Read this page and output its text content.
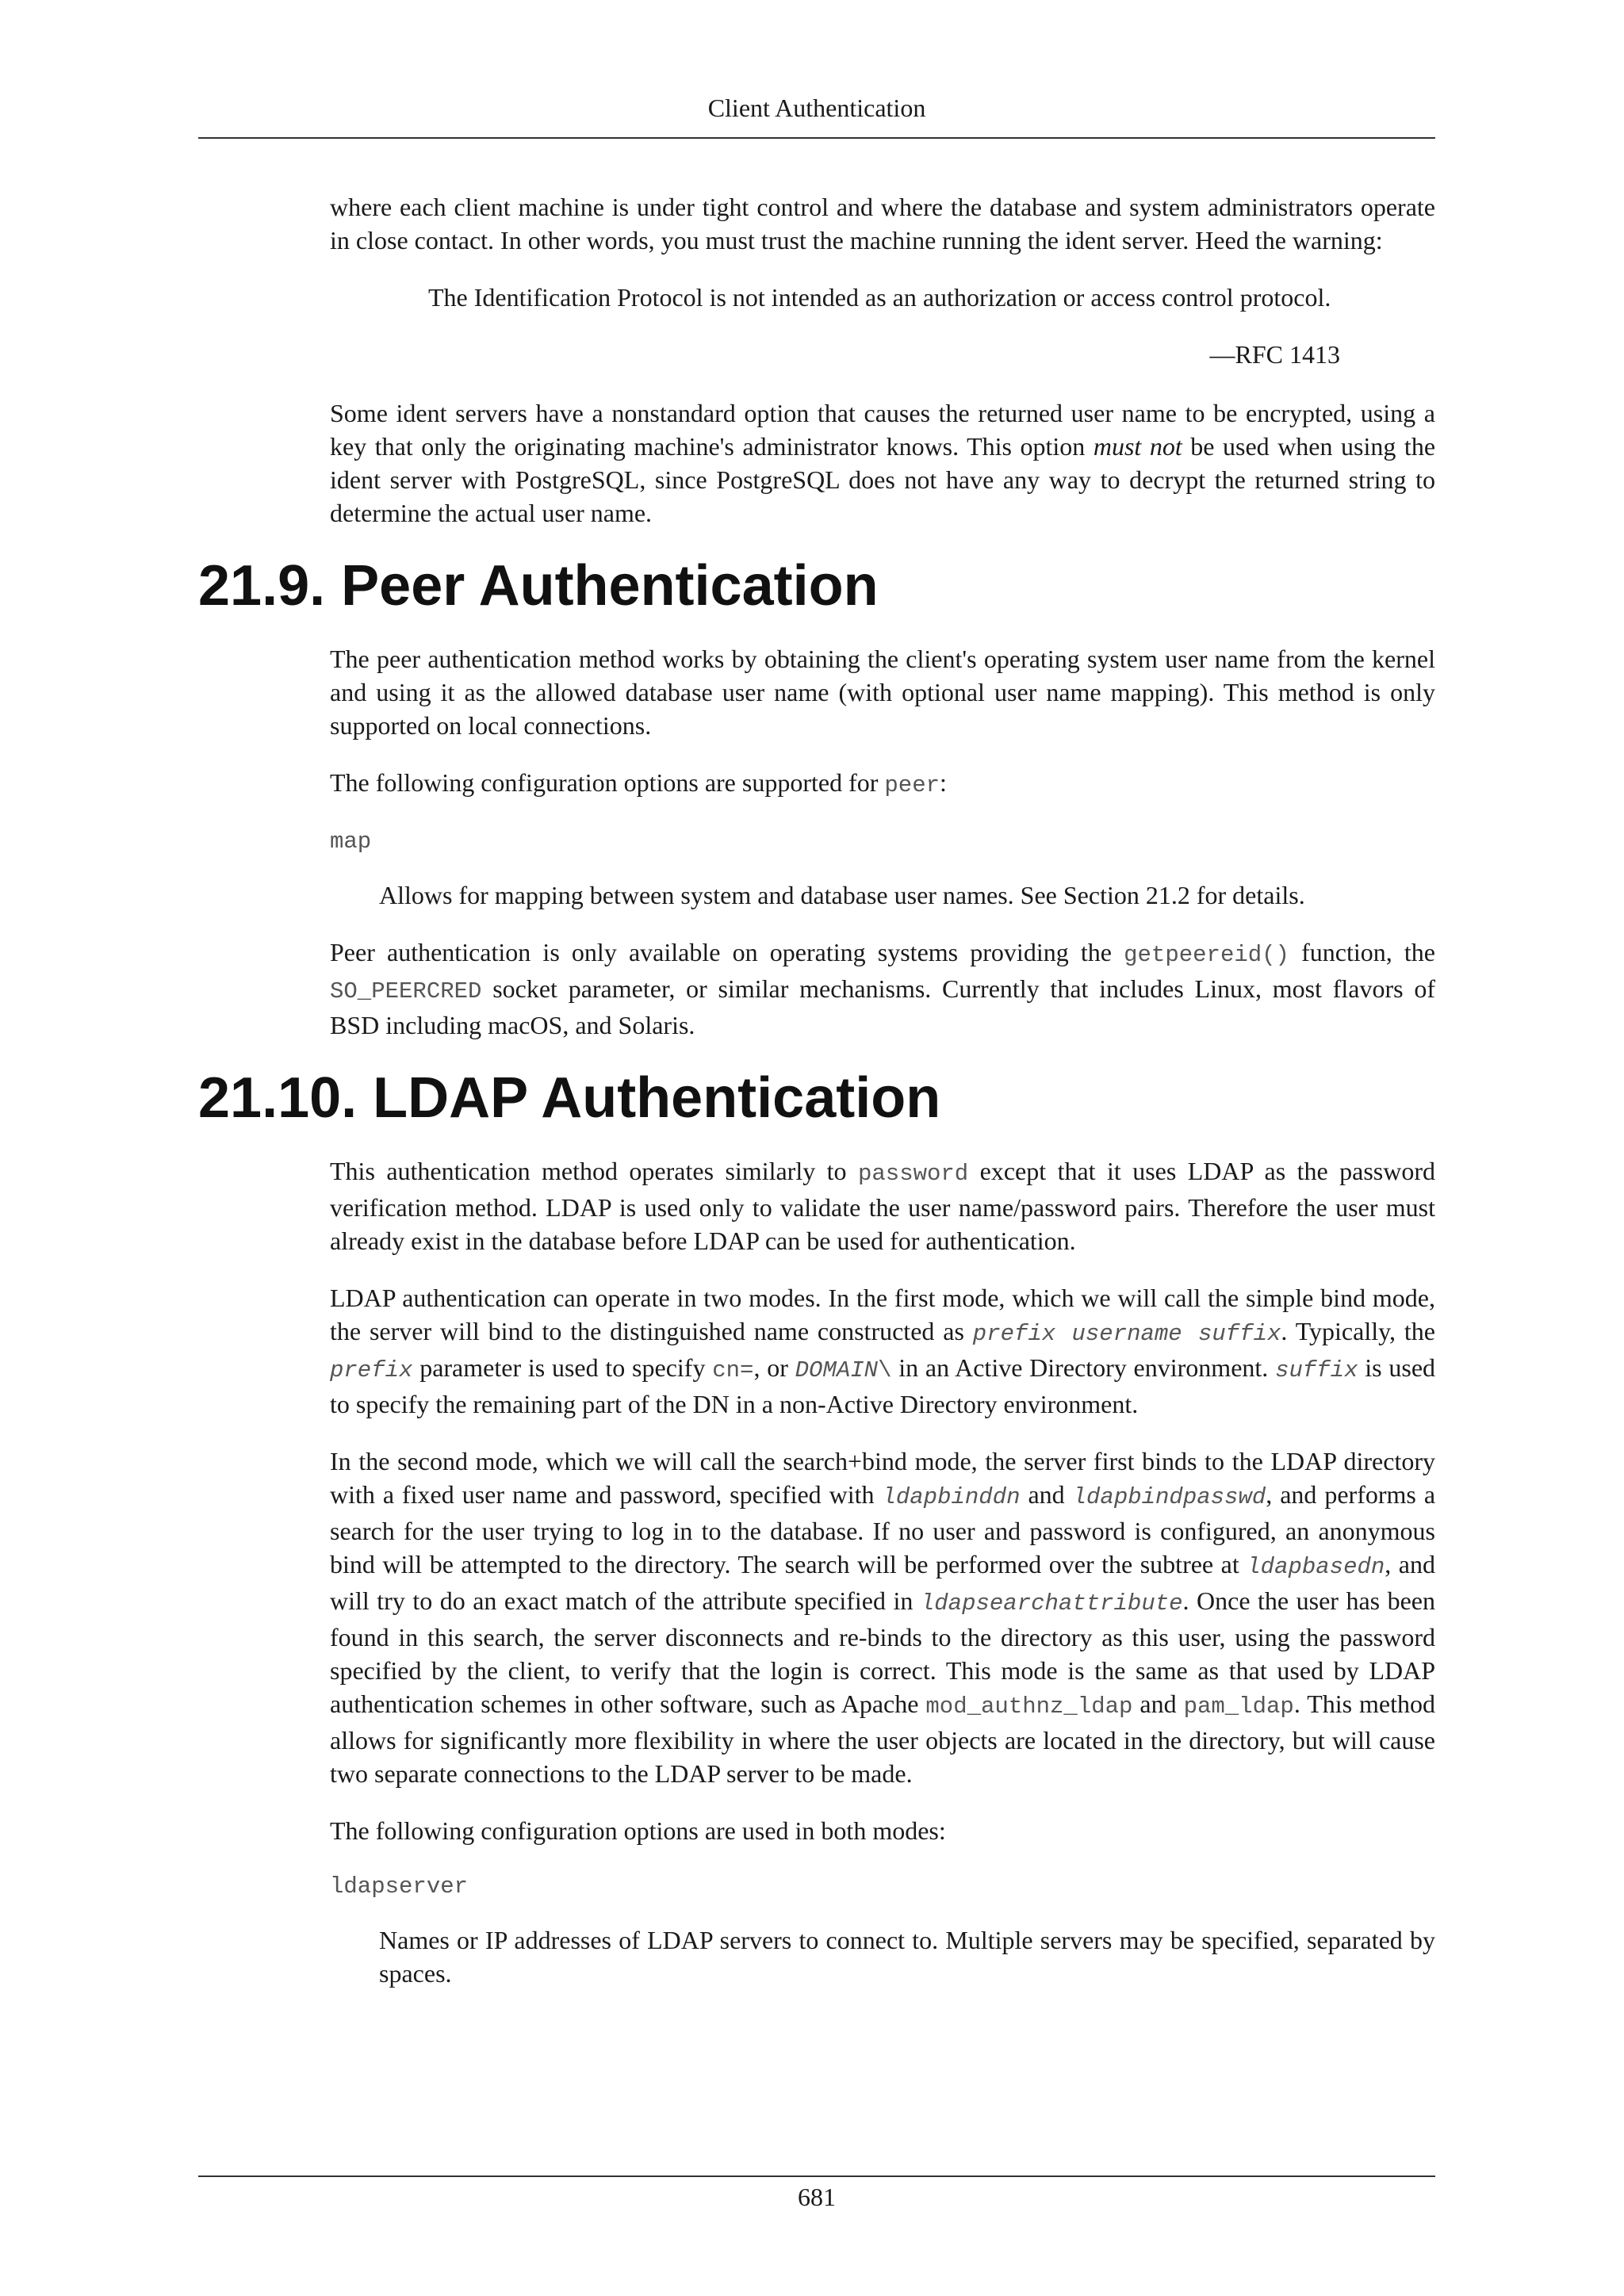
Client Authentication

where each client machine is under tight control and where the database and system administrators operate in close contact. In other words, you must trust the machine running the ident server. Heed the warning:

The Identification Protocol is not intended as an authorization or access control protocol.

—RFC 1413

Some ident servers have a nonstandard option that causes the returned user name to be encrypted, using a key that only the originating machine's administrator knows. This option must not be used when using the ident server with PostgreSQL, since PostgreSQL does not have any way to decrypt the returned string to determine the actual user name.

21.9. Peer Authentication

The peer authentication method works by obtaining the client's operating system user name from the kernel and using it as the allowed database user name (with optional user name mapping). This method is only supported on local connections.

The following configuration options are supported for peer:

map

Allows for mapping between system and database user names. See Section 21.2 for details.

Peer authentication is only available on operating systems providing the getpeereid() function, the SO_PEERCRED socket parameter, or similar mechanisms. Currently that includes Linux, most flavors of BSD including macOS, and Solaris.

21.10. LDAP Authentication

This authentication method operates similarly to password except that it uses LDAP as the password verification method. LDAP is used only to validate the user name/password pairs. Therefore the user must already exist in the database before LDAP can be used for authentication.

LDAP authentication can operate in two modes. In the first mode, which we will call the simple bind mode, the server will bind to the distinguished name constructed as prefix username suffix. Typically, the prefix parameter is used to specify cn=, or DOMAIN\ in an Active Directory environment. suffix is used to specify the remaining part of the DN in a non-Active Directory environment.

In the second mode, which we will call the search+bind mode, the server first binds to the LDAP directory with a fixed user name and password, specified with ldapbinddn and ldapbindpasswd, and performs a search for the user trying to log in to the database. If no user and password is configured, an anonymous bind will be attempted to the directory. The search will be performed over the subtree at ldapbasedn, and will try to do an exact match of the attribute specified in ldapsearchattribute. Once the user has been found in this search, the server disconnects and re-binds to the directory as this user, using the password specified by the client, to verify that the login is correct. This mode is the same as that used by LDAP authentication schemes in other software, such as Apache mod_authnz_ldap and pam_ldap. This method allows for significantly more flexibility in where the user objects are located in the directory, but will cause two separate connections to the LDAP server to be made.

The following configuration options are used in both modes:

ldapserver

Names or IP addresses of LDAP servers to connect to. Multiple servers may be specified, separated by spaces.

681
